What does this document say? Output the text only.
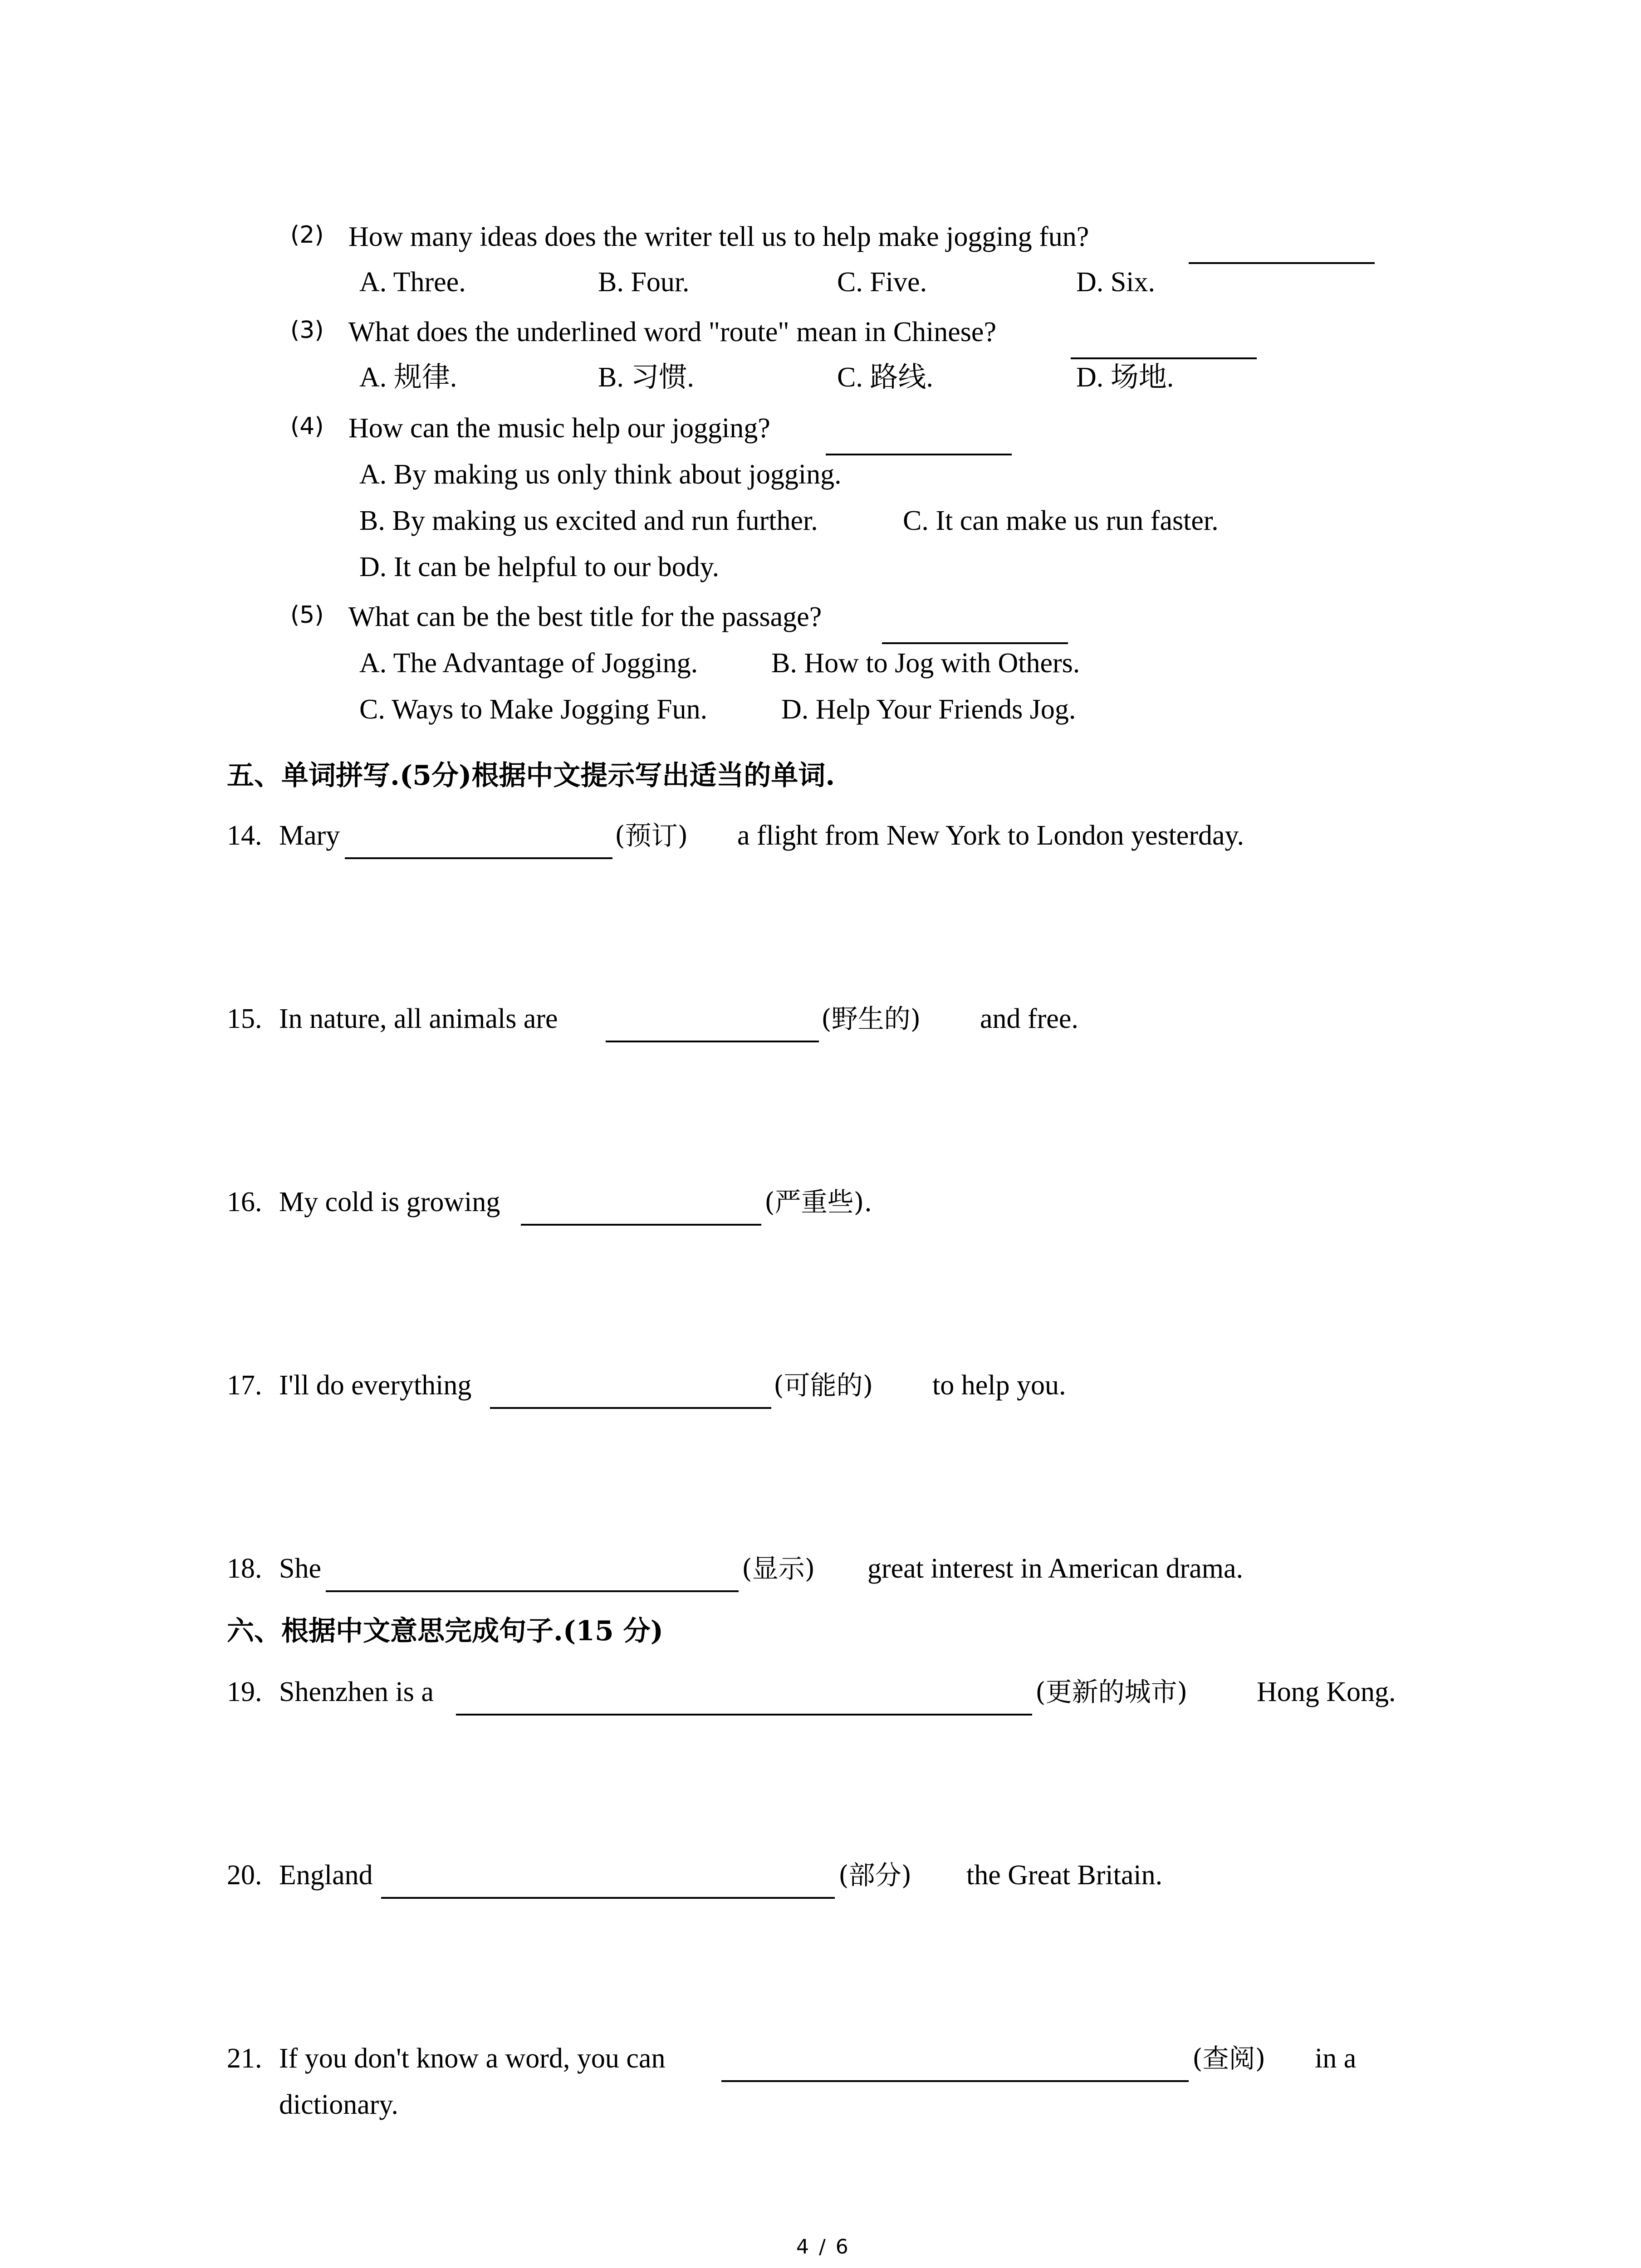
(2) How many ideas does the writer tell us to help make jogging fun?
A. Three.	B. Four.	C. Five.	D. Six.
(3) What does the underlined word "route" mean in Chinese?
A. 规律.	B. 习惯.	C. 路线.	D. 场地.
(4) How can the music help our jogging?
A. By making us only think about jogging.
B. By making us excited and run further.	C. It can make us run faster.
D. It can be helpful to our body.
(5) What can be the best title for the passage?
A. The Advantage of Jogging.	B. How to Jog with Others.
C. Ways to Make Jogging Fun.	D. Help Your Friends Jog.
五、单词拼写.(5分)根据中文提示写出适当的单词.
14. Mary	(预订) a flight from New York to London yesterday.
15. In nature, all animals are	(野生的) and free.
16. My cold is growing	(严重些).
17. I'll do everything	(可能的) to help you.
18. She	(显示) great interest in American drama.
六、根据中文意思完成句子.(15 分)
19. Shenzhen is a	(更新的城市) Hong Kong.
20. England	(部分) the Great Britain.
21. If you don't know a word, you can	(查阅) in a
dictionary.
4 / 6
